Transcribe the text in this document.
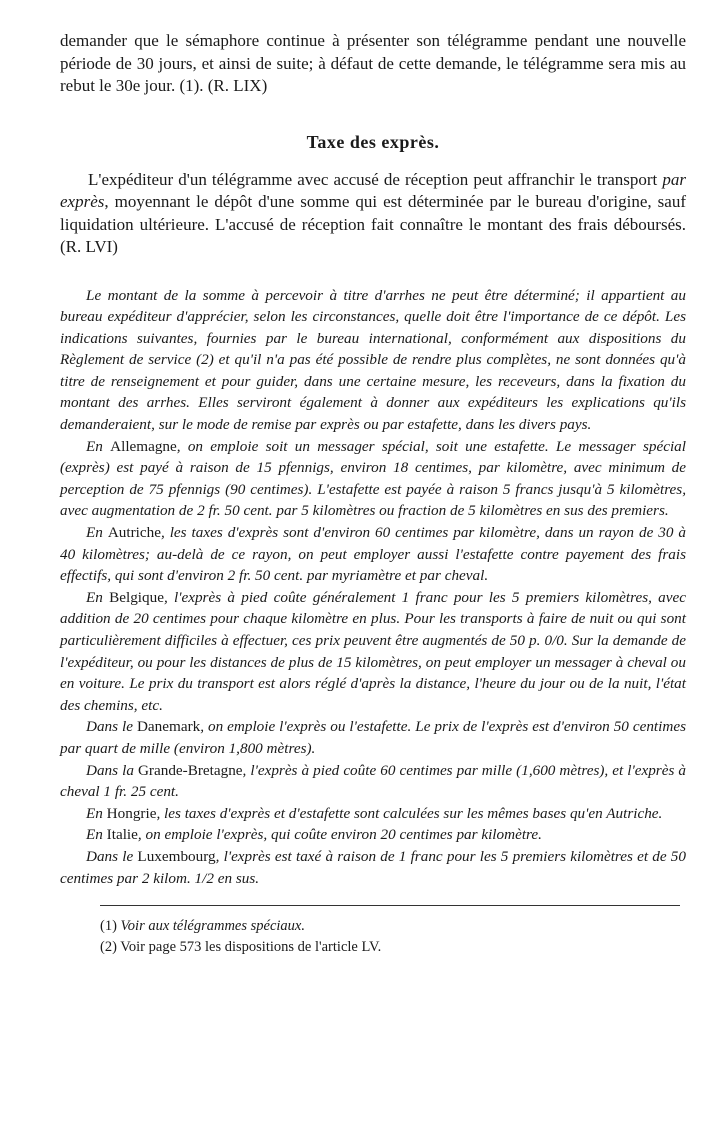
demander que le sémaphore continue à présenter son télégramme pendant une nouvelle période de 30 jours, et ainsi de suite; à défaut de cette demande, le télégramme sera mis au rebut le 30e jour. (1). (R. LIX)

Taxe des exprès.

L'expéditeur d'un télégramme avec accusé de réception peut affranchir le transport par exprès, moyennant le dépôt d'une somme qui est déterminée par le bureau d'origine, sauf liquidation ultérieure. L'accusé de réception fait connaître le montant des frais déboursés. (R. LVI)

Le montant de la somme à percevoir à titre d'arrhes ne peut être déterminé; il appartient au bureau expéditeur d'apprécier, selon les circonstances, quelle doit être l'importance de ce dépôt. Les indications suivantes, fournies par le bureau international, conformément aux dispositions du Règlement de service (2) et qu'il n'a pas été possible de rendre plus complètes, ne sont données qu'à titre de renseignement et pour guider, dans une certaine mesure, les receveurs, dans la fixation du montant des arrhes. Elles serviront également à donner aux expéditeurs les explications qu'ils demanderaient, sur le mode de remise par exprès ou par estafette, dans les divers pays.

En Allemagne, on emploie soit un messager spécial, soit une estafette. Le messager spécial (exprès) est payé à raison de 15 pfennigs, environ 18 centimes, par kilomètre, avec minimum de perception de 75 pfennigs (90 centimes). L'estafette est payée à raison 5 francs jusqu'à 5 kilomètres, avec augmentation de 2 fr. 50 cent. par 5 kilomètres ou fraction de 5 kilomètres en sus des premiers.

En Autriche, les taxes d'exprès sont d'environ 60 centimes par kilomètre, dans un rayon de 30 à 40 kilomètres; au-delà de ce rayon, on peut employer aussi l'estafette contre payement des frais effectifs, qui sont d'environ 2 fr. 50 cent. par myriamètre et par cheval.

En Belgique, l'exprès à pied coûte généralement 1 franc pour les 5 premiers kilomètres, avec addition de 20 centimes pour chaque kilomètre en plus. Pour les transports à faire de nuit ou qui sont particulièrement difficiles à effectuer, ces prix peuvent être augmentés de 50 p. 0/0. Sur la demande de l'expéditeur, ou pour les distances de plus de 15 kilomètres, on peut employer un messager à cheval ou en voiture. Le prix du transport est alors réglé d'après la distance, l'heure du jour ou de la nuit, l'état des chemins, etc.

Dans le Danemark, on emploie l'exprès ou l'estafette. Le prix de l'exprès est d'environ 50 centimes par quart de mille (environ 1,800 mètres).

Dans la Grande-Bretagne, l'exprès à pied coûte 60 centimes par mille (1,600 mètres), et l'exprès à cheval 1 fr. 25 cent.

En Hongrie, les taxes d'exprès et d'estafette sont calculées sur les mêmes bases qu'en Autriche.

En Italie, on emploie l'exprès, qui coûte environ 20 centimes par kilomètre.

Dans le Luxembourg, l'exprès est taxé à raison de 1 franc pour les 5 premiers kilomètres et de 50 centimes par 2 kilom. 1/2 en sus.

(1) Voir aux télégrammes spéciaux.

(2) Voir page 573 les dispositions de l'article LV.
